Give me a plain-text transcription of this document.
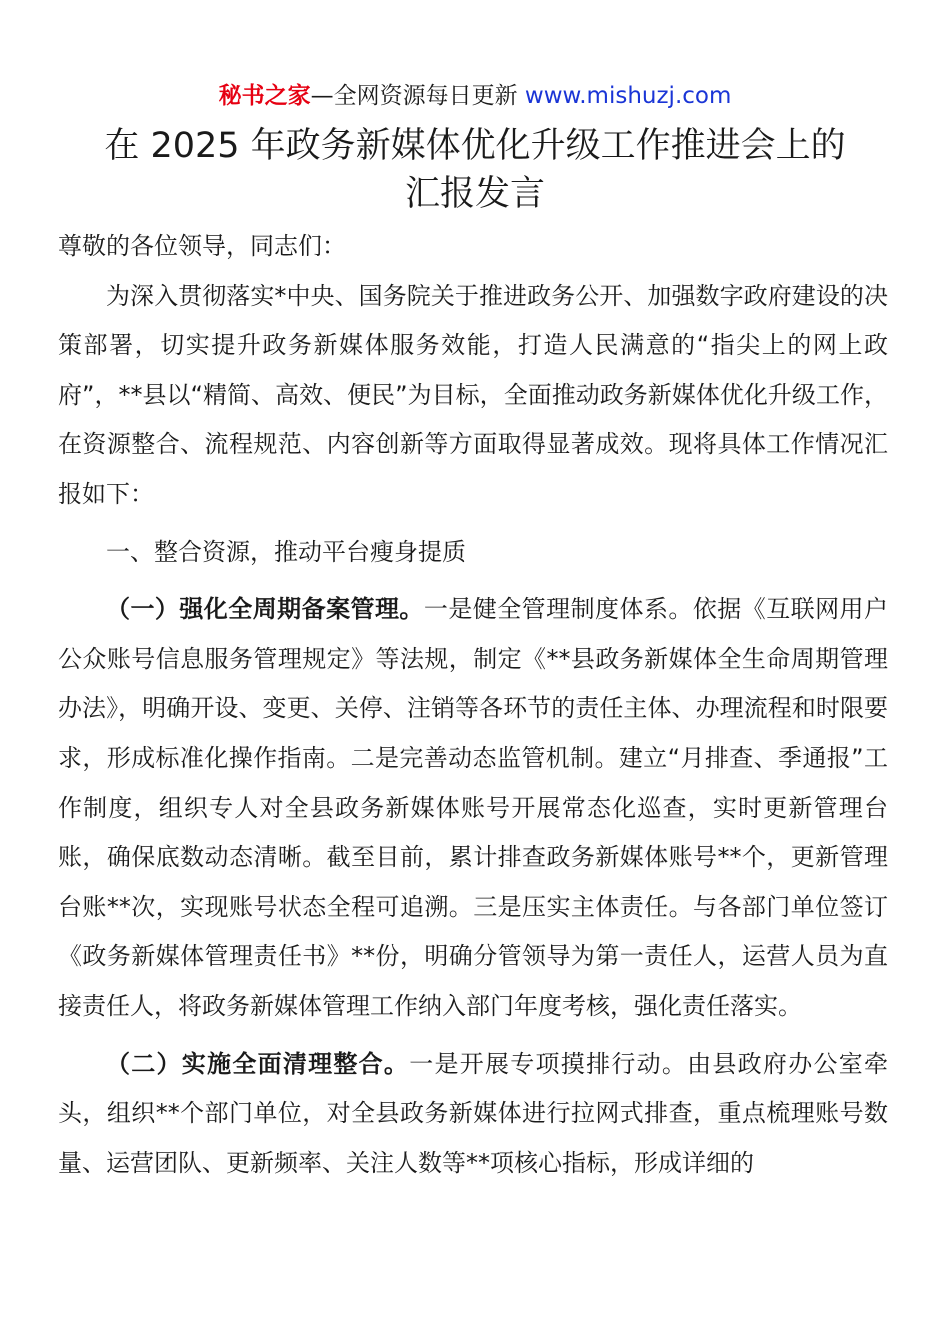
秘书之家—全网资源每日更新 www.mishuzj.com
在 2025 年政务新媒体优化升级工作推进会上的
汇报发言

尊敬的各位领导，同志们：

为深入贯彻落实*中央、国务院关于推进政务公开、加强数字政府建设的决策部署，切实提升政务新媒体服务效能，打造人民满意的“指尖上的网上政府”，**县以“精简、高效、便民”为目标，全面推动政务新媒体优化升级工作，在资源整合、流程规范、内容创新等方面取得显著成效。现将具体工作情况汇报如下：

一、整合资源，推动平台瘦身提质

（一）强化全周期备案管理。一是健全管理制度体系。依据《互联网用户公众账号信息服务管理规定》等法规，制定《**县政务新媒体全生命周期管理办法》，明确开设、变更、关停、注销等各环节的责任主体、办理流程和时限要求，形成标准化操作指南。二是完善动态监管机制。建立“月排查、季通报”工作制度，组织专人对全县政务新媒体账号开展常态化巡查，实时更新管理台账，确保底数动态清晰。截至目前，累计排查政务新媒体账号**个，更新管理台账**次，实现账号状态全程可追溯。三是压实主体责任。与各部门单位签订《政务新媒体管理责任书》**份，明确分管领导为第一责任人，运营人员为直接责任人，将政务新媒体管理工作纳入部门年度考核，强化责任落实。

（二）实施全面清理整合。一是开展专项摸排行动。由县政府办公室牵头，组织**个部门单位，对全县政务新媒体进行拉网式排查，重点梳理账号数量、运营团队、更新频率、关注人数等**项核心指标，形成详细的
